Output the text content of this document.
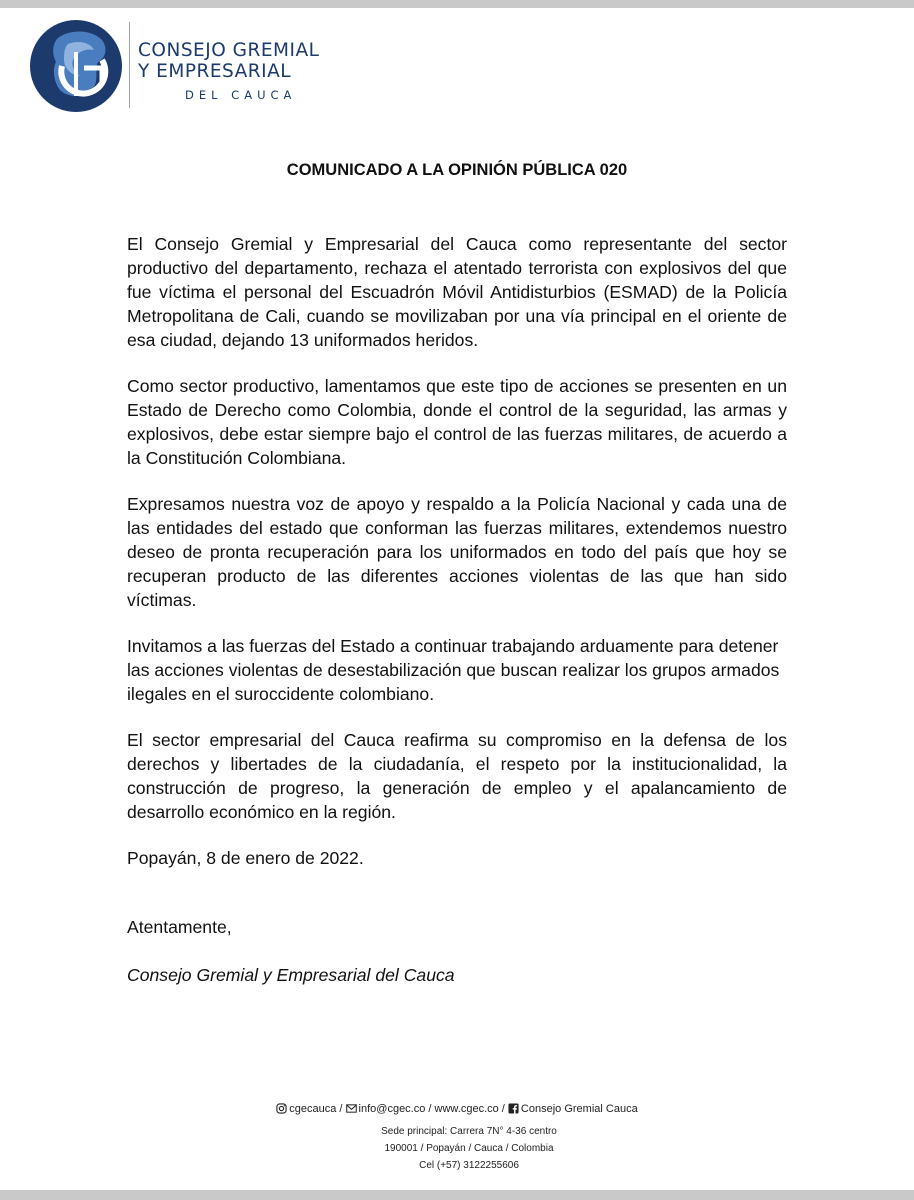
CONSEJO GREMIAL
Y EMPRESARIAL
DEL CAUCA
COMUNICADO A LA OPINIÓN PÚBLICA 020

El Consejo Gremial y Empresarial del Cauca como representante del sector productivo del departamento, rechaza el atentado terrorista con explosivos del que fue víctima el personal del Escuadrón Móvil Antidisturbios (ESMAD) de la Policía Metropolitana de Cali, cuando se movilizaban por una vía principal en el oriente de esa ciudad, dejando 13 uniformados heridos.

Como sector productivo, lamentamos que este tipo de acciones se presenten en un Estado de Derecho como Colombia, donde el control de la seguridad, las armas y explosivos, debe estar siempre bajo el control de las fuerzas militares, de acuerdo a la Constitución Colombiana.

Expresamos nuestra voz de apoyo y respaldo a la Policía Nacional y cada una de las entidades del estado que conforman las fuerzas militares, extendemos nuestro deseo de pronta recuperación para los uniformados en todo del país que hoy se recuperan producto de las diferentes acciones violentas de las que han sido víctimas.

Invitamos a las fuerzas del Estado a continuar trabajando arduamente para detener las acciones violentas de desestabilización que buscan realizar los grupos armados ilegales en el suroccidente colombiano.

El sector empresarial del Cauca reafirma su compromiso en la defensa de los derechos y libertades de la ciudadanía, el respeto por la institucionalidad, la construcción de progreso, la generación de empleo y el apalancamiento de desarrollo económico en la región.

Popayán, 8 de enero de 2022.

Atentamente,
Consejo Gremial y Empresarial del Cauca
cgecauca / info@cgec.co / www.cgec.co / Consejo Gremial Cauca
Sede principal: Carrera 7N° 4-36 centro
190001 / Popayán / Cauca / Colombia
Cel (+57) 3122255606
